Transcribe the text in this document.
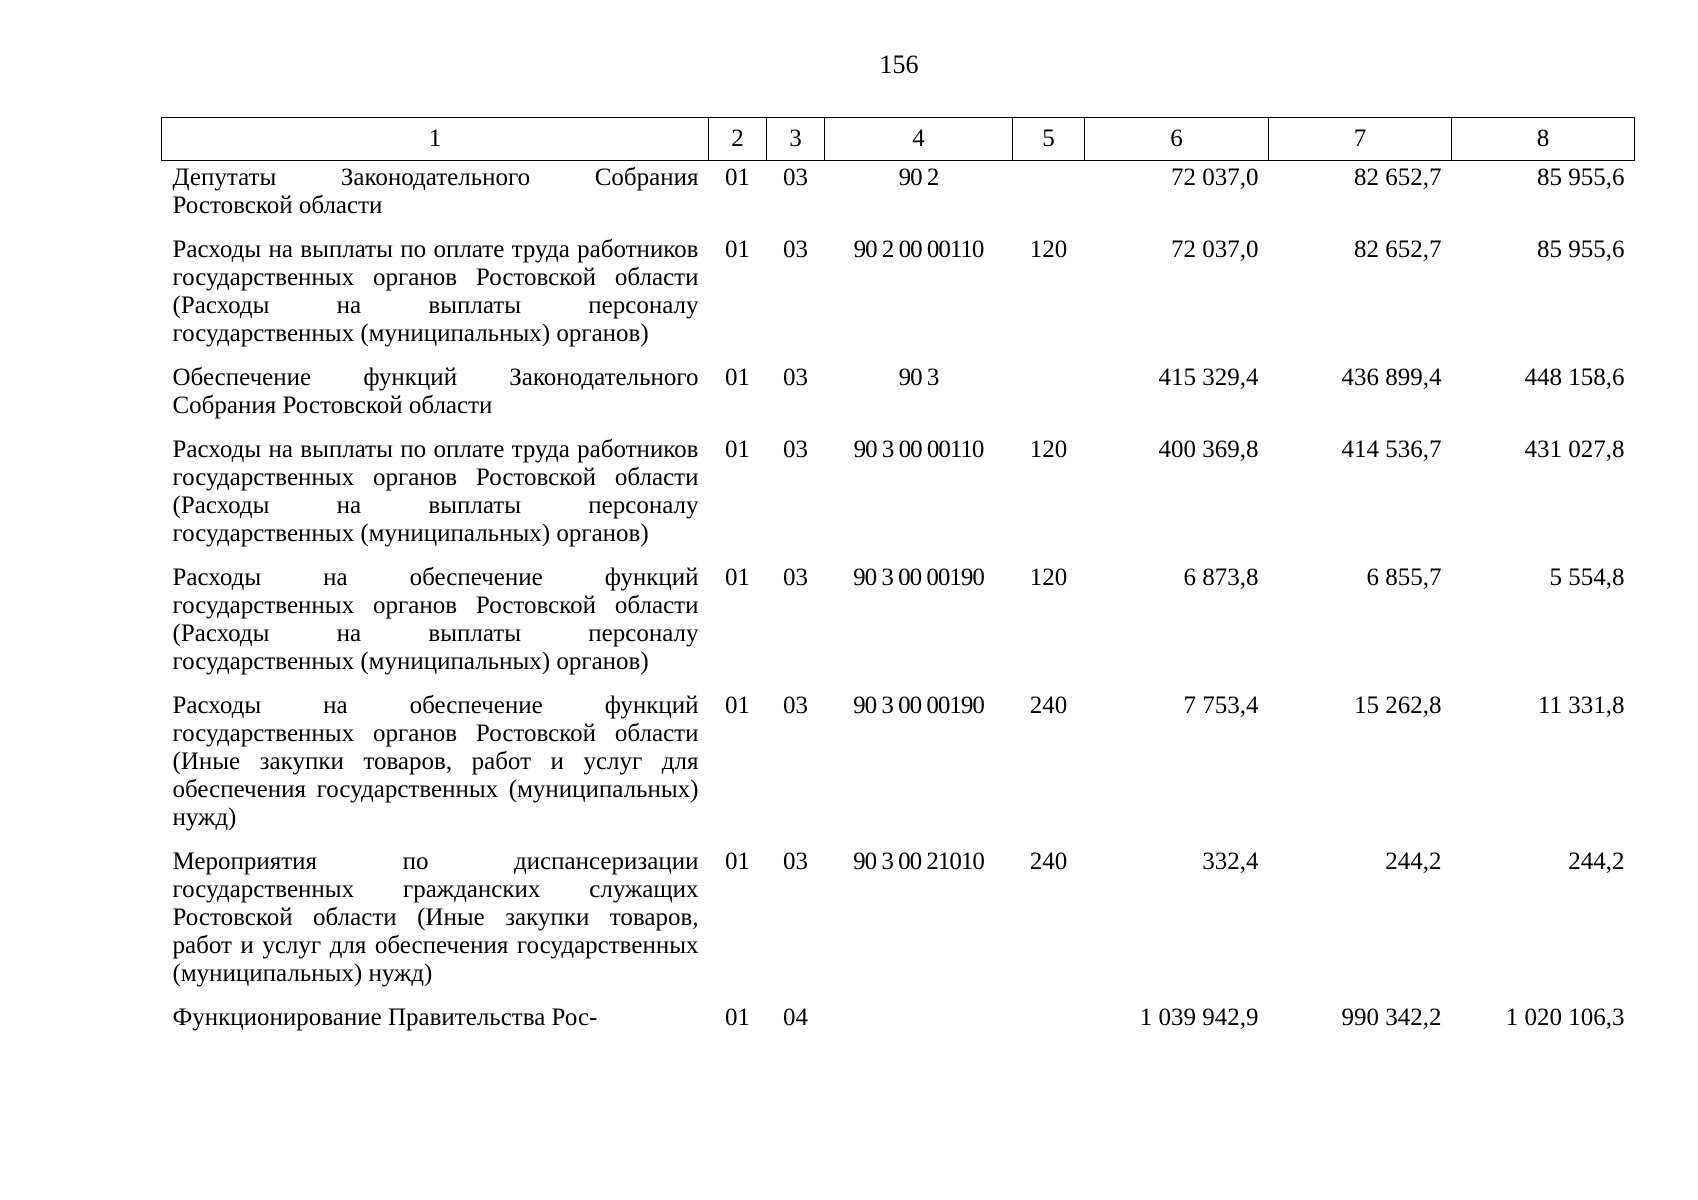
156
1	2	3	4	5	6	7	8
Депутаты Законодательного Собрания Ростовской области	01	03	90 2		72 037,0	82 652,7	85 955,6
Расходы на выплаты по оплате труда работников государственных органов Ростовской области (Расходы на выплаты персоналу государственных (муниципальных) органов)	01	03	90 2 00 00110	120	72 037,0	82 652,7	85 955,6
Обеспечение функций Законодательного Собрания Ростовской области	01	03	90 3		415 329,4	436 899,4	448 158,6
Расходы на выплаты по оплате труда работников государственных органов Ростовской области (Расходы на выплаты персоналу государственных (муниципальных) органов)	01	03	90 3 00 00110	120	400 369,8	414 536,7	431 027,8
Расходы на обеспечение функций государственных органов Ростовской области (Расходы на выплаты персоналу государственных (муниципальных) органов)	01	03	90 3 00 00190	120	6 873,8	6 855,7	5 554,8
Расходы на обеспечение функций государственных органов Ростовской области (Иные закупки товаров, работ и услуг для обеспечения государственных (муниципальных) нужд)	01	03	90 3 00 00190	240	7 753,4	15 262,8	11 331,8
Мероприятия по диспансеризации государственных гражданских служащих Ростовской области (Иные закупки товаров, работ и услуг для обеспечения государственных (муниципальных) нужд)	01	03	90 3 00 21010	240	332,4	244,2	244,2
Функционирование Правительства Рос-	01	04			1 039 942,9	990 342,2	1 020 106,3
